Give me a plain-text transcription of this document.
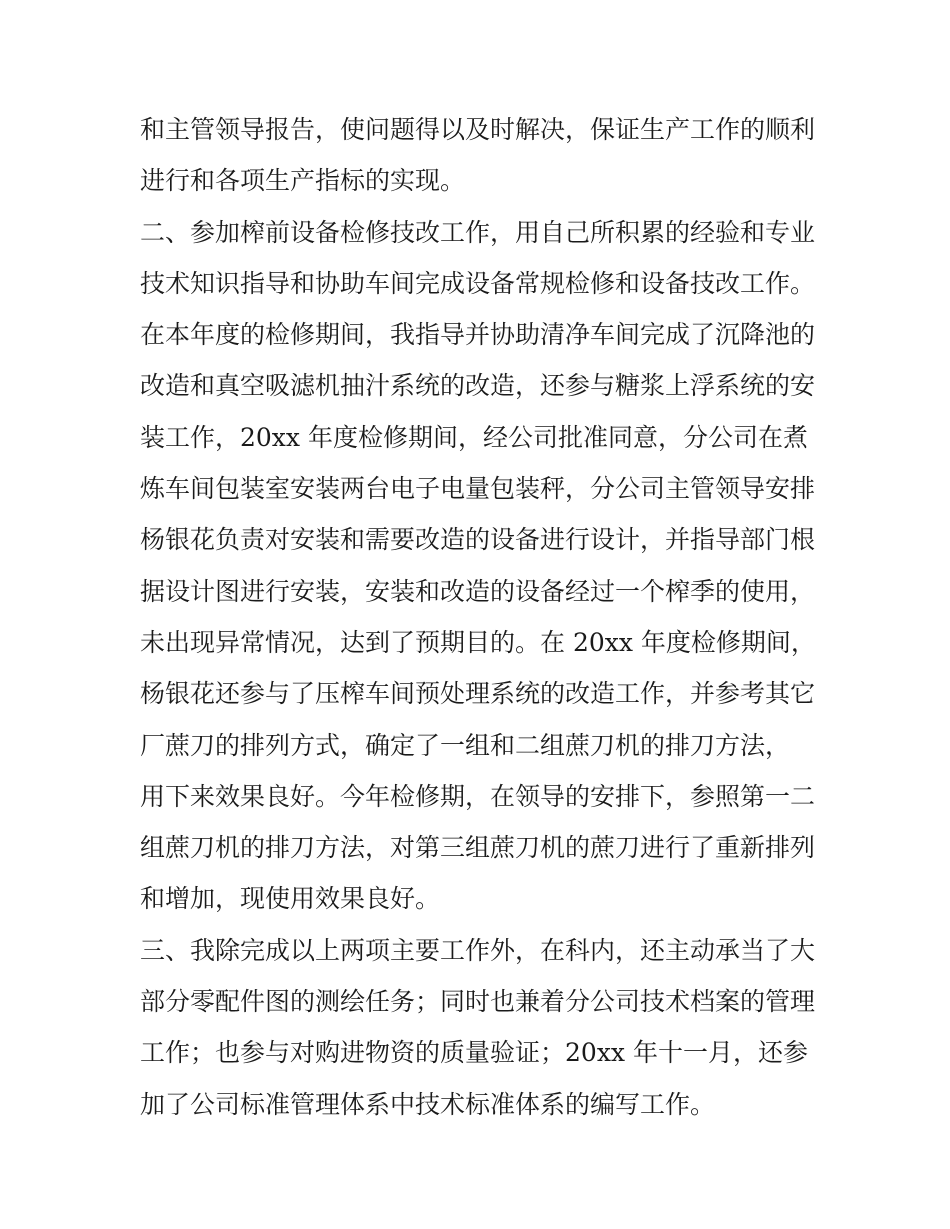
和主管领导报告，使问题得以及时解决，保证生产工作的顺利
进行和各项生产指标的实现。
二、参加榨前设备检修技改工作，用自己所积累的经验和专业
技术知识指导和协助车间完成设备常规检修和设备技改工作。
在本年度的检修期间，我指导并协助清净车间完成了沉降池的
改造和真空吸滤机抽汁系统的改造，还参与糖浆上浮系统的安
装工作，20xx 年度检修期间，经公司批准同意，分公司在煮
炼车间包装室安装两台电子电量包装秤，分公司主管领导安排
杨银花负责对安装和需要改造的设备进行设计，并指导部门根
据设计图进行安装，安装和改造的设备经过一个榨季的使用，
未出现异常情况，达到了预期目的。在 20xx 年度检修期间，
杨银花还参与了压榨车间预处理系统的改造工作，并参考其它
厂蔗刀的排列方式，确定了一组和二组蔗刀机的排刀方法，
用下来效果良好。今年检修期，在领导的安排下，参照第一二
组蔗刀机的排刀方法，对第三组蔗刀机的蔗刀进行了重新排列
和增加，现使用效果良好。
三、我除完成以上两项主要工作外，在科内，还主动承当了大
部分零配件图的测绘任务；同时也兼着分公司技术档案的管理
工作；也参与对购进物资的质量验证；20xx 年十一月，还参
加了公司标准管理体系中技术标准体系的编写工作。
